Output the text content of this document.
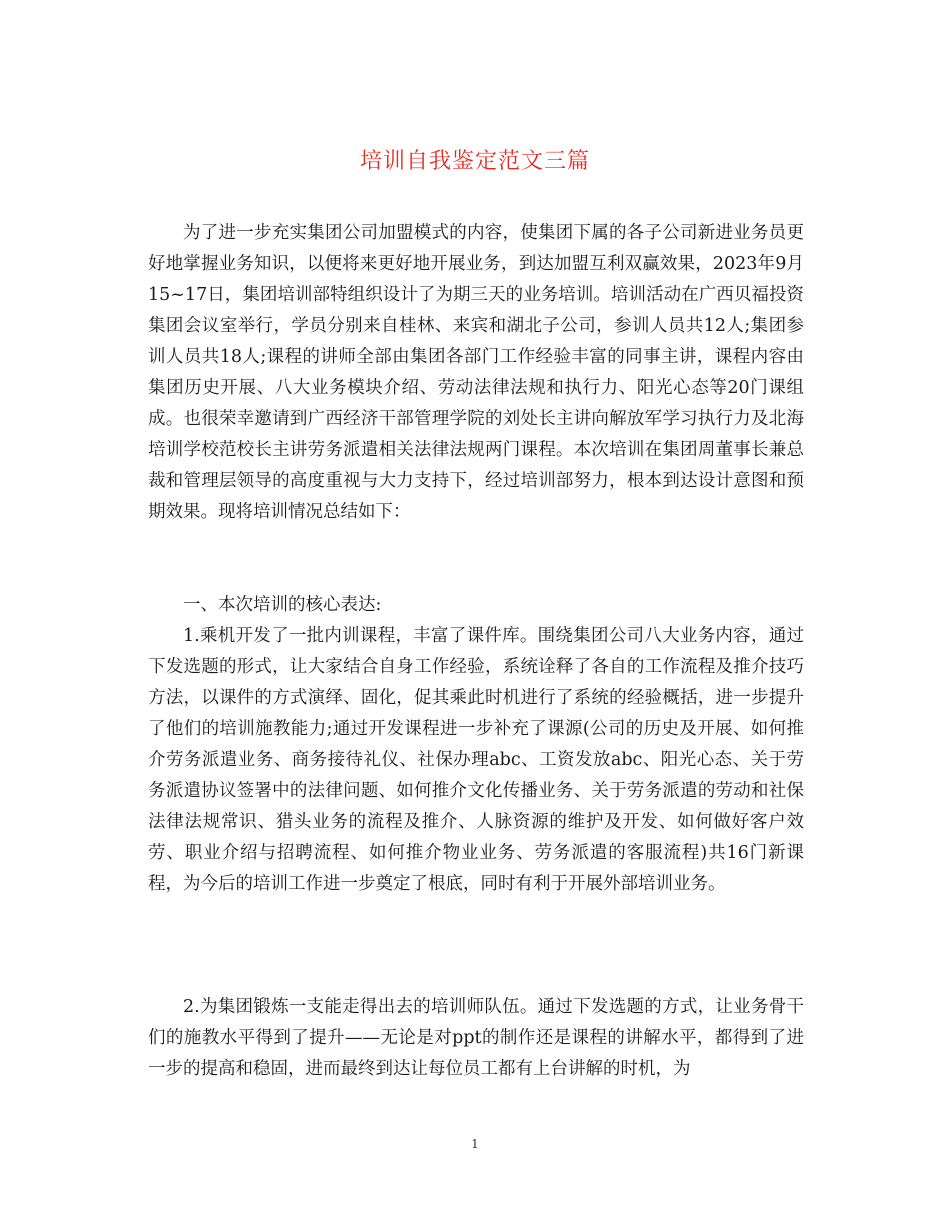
培训自我鉴定范文三篇

为了进一步充实集团公司加盟模式的内容，使集团下属的各子公司新进业务员更好地掌握业务知识，以便将来更好地开展业务，到达加盟互利双赢效果，2023年9月15~17日，集团培训部特组织设计了为期三天的业务培训。培训活动在广西贝福投资集团会议室举行，学员分别来自桂林、来宾和湖北子公司，参训人员共12人;集团参训人员共18人;课程的讲师全部由集团各部门工作经验丰富的同事主讲，课程内容由集团历史开展、八大业务模块介绍、劳动法律法规和执行力、阳光心态等20门课组成。也很荣幸邀请到广西经济干部管理学院的刘处长主讲向解放军学习执行力及北海培训学校范校长主讲劳务派遣相关法律法规两门课程。本次培训在集团周董事长兼总裁和管理层领导的高度重视与大力支持下，经过培训部努力，根本到达设计意图和预期效果。现将培训情况总结如下：

一、本次培训的核心表达:

1.乘机开发了一批内训课程，丰富了课件库。围绕集团公司八大业务内容，通过下发选题的形式，让大家结合自身工作经验，系统诠释了各自的工作流程及推介技巧方法，以课件的方式演绎、固化，促其乘此时机进行了系统的经验概括，进一步提升了他们的培训施教能力;通过开发课程进一步补充了课源(公司的历史及开展、如何推介劳务派遣业务、商务接待礼仪、社保办理abc、工资发放abc、阳光心态、关于劳务派遣协议签署中的法律问题、如何推介文化传播业务、关于劳务派遣的劳动和社保法律法规常识、猎头业务的流程及推介、人脉资源的维护及开发、如何做好客户效劳、职业介绍与招聘流程、如何推介物业业务、劳务派遣的客服流程)共16门新课程，为今后的培训工作进一步奠定了根底，同时有利于开展外部培训业务。

2.为集团锻炼一支能走得出去的培训师队伍。通过下发选题的方式，让业务骨干们的施教水平得到了提升——无论是对ppt的制作还是课程的讲解水平，都得到了进一步的提高和稳固，进而最终到达让每位员工都有上台讲解的时机，为

1
